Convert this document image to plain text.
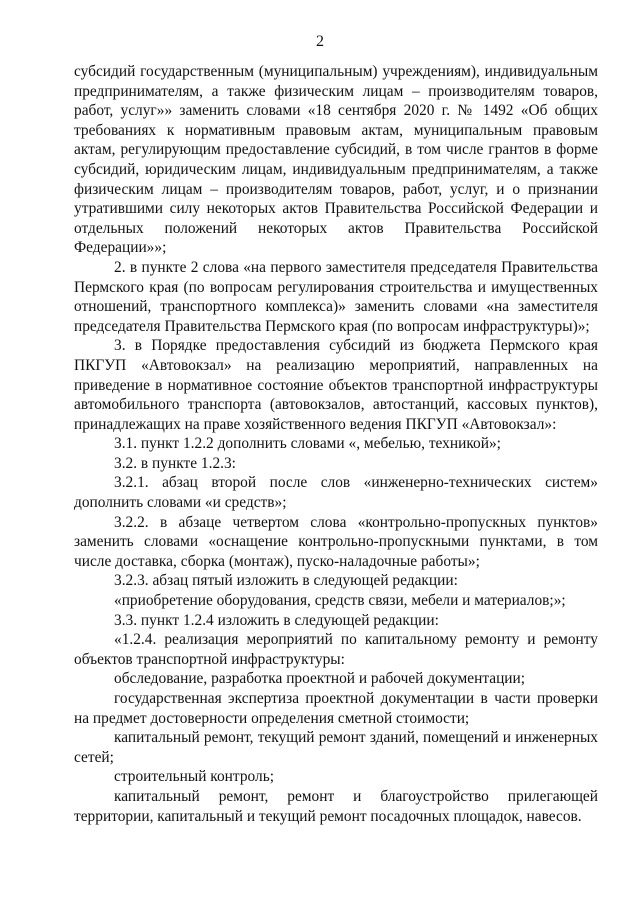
2

субсидий государственным (муниципальным) учреждениям), индивидуальным предпринимателям, а также физическим лицам – производителям товаров, работ, услуг»» заменить словами «18 сентября 2020 г. № 1492 «Об общих требованиях к нормативным правовым актам, муниципальным правовым актам, регулирующим предоставление субсидий, в том числе грантов в форме субсидий, юридическим лицам, индивидуальным предпринимателям, а также физическим лицам – производителям товаров, работ, услуг, и о признании утратившими силу некоторых актов Правительства Российской Федерации и отдельных положений некоторых актов Правительства Российской Федерации»»;

2. в пункте 2 слова «на первого заместителя председателя Правительства Пермского края (по вопросам регулирования строительства и имущественных отношений, транспортного комплекса)» заменить словами «на заместителя председателя Правительства Пермского края (по вопросам инфраструктуры)»;

3. в Порядке предоставления субсидий из бюджета Пермского края ПКГУП «Автовокзал» на реализацию мероприятий, направленных на приведение в нормативное состояние объектов транспортной инфраструктуры автомобильного транспорта (автовокзалов, автостанций, кассовых пунктов), принадлежащих на праве хозяйственного ведения ПКГУП «Автовокзал»:

3.1. пункт 1.2.2 дополнить словами «, мебелью, техникой»;

3.2. в пункте 1.2.3:

3.2.1. абзац второй после слов «инженерно-технических систем» дополнить словами «и средств»;

3.2.2. в абзаце четвертом слова «контрольно-пропускных пунктов» заменить словами «оснащение контрольно-пропускными пунктами, в том числе доставка, сборка (монтаж), пуско-наладочные работы»;

3.2.3. абзац пятый изложить в следующей редакции:

«приобретение оборудования, средств связи, мебели и материалов;»;

3.3. пункт 1.2.4 изложить в следующей редакции:

«1.2.4. реализация мероприятий по капитальному ремонту и ремонту объектов транспортной инфраструктуры:

обследование, разработка проектной и рабочей документации;

государственная экспертиза проектной документации в части проверки на предмет достоверности определения сметной стоимости;

капитальный ремонт, текущий ремонт зданий, помещений и инженерных сетей;

строительный контроль;

капитальный ремонт, ремонт и благоустройство прилегающей территории, капитальный и текущий ремонт посадочных площадок, навесов.
